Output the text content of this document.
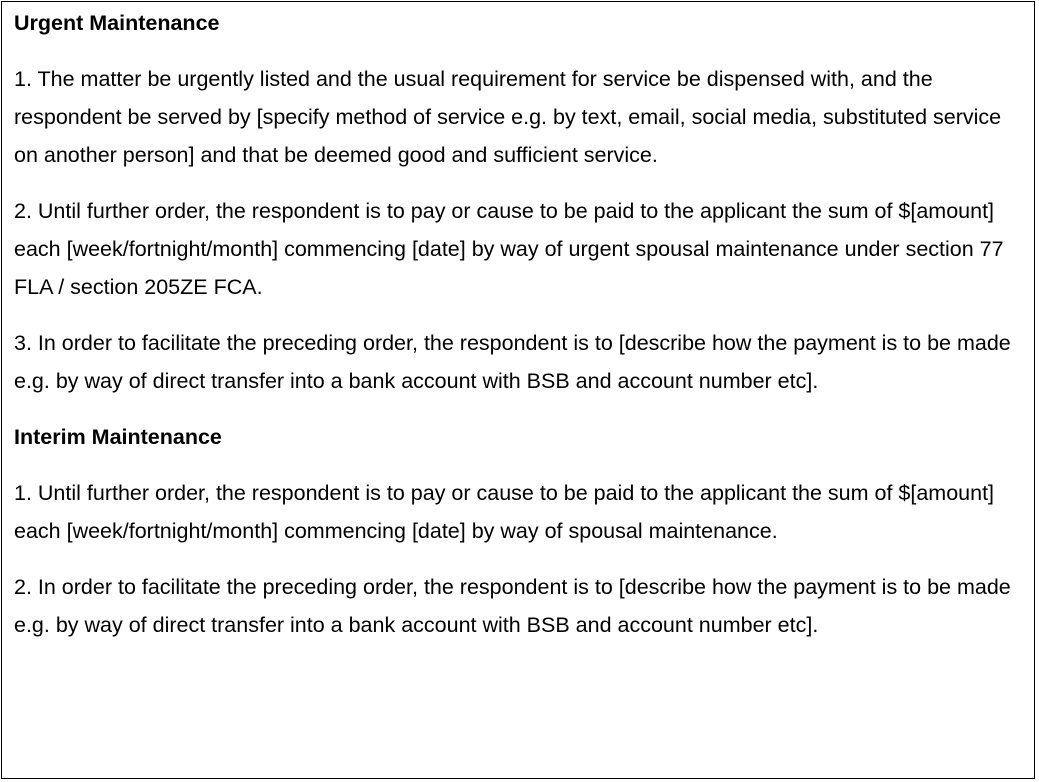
Urgent Maintenance

1. The matter be urgently listed and the usual requirement for service be dispensed with, and the respondent be served by [specify method of service e.g. by text, email, social media, substituted service on another person] and that be deemed good and sufficient service.

2. Until further order, the respondent is to pay or cause to be paid to the applicant the sum of $[amount] each [week/fortnight/month] commencing [date] by way of urgent spousal maintenance under section 77 FLA / section 205ZE FCA.

3. In order to facilitate the preceding order, the respondent is to [describe how the payment is to be made e.g. by way of direct transfer into a bank account with BSB and account number etc].

Interim Maintenance

1. Until further order, the respondent is to pay or cause to be paid to the applicant the sum of $[amount] each [week/fortnight/month] commencing [date] by way of spousal maintenance.

2. In order to facilitate the preceding order, the respondent is to [describe how the payment is to be made e.g. by way of direct transfer into a bank account with BSB and account number etc].
